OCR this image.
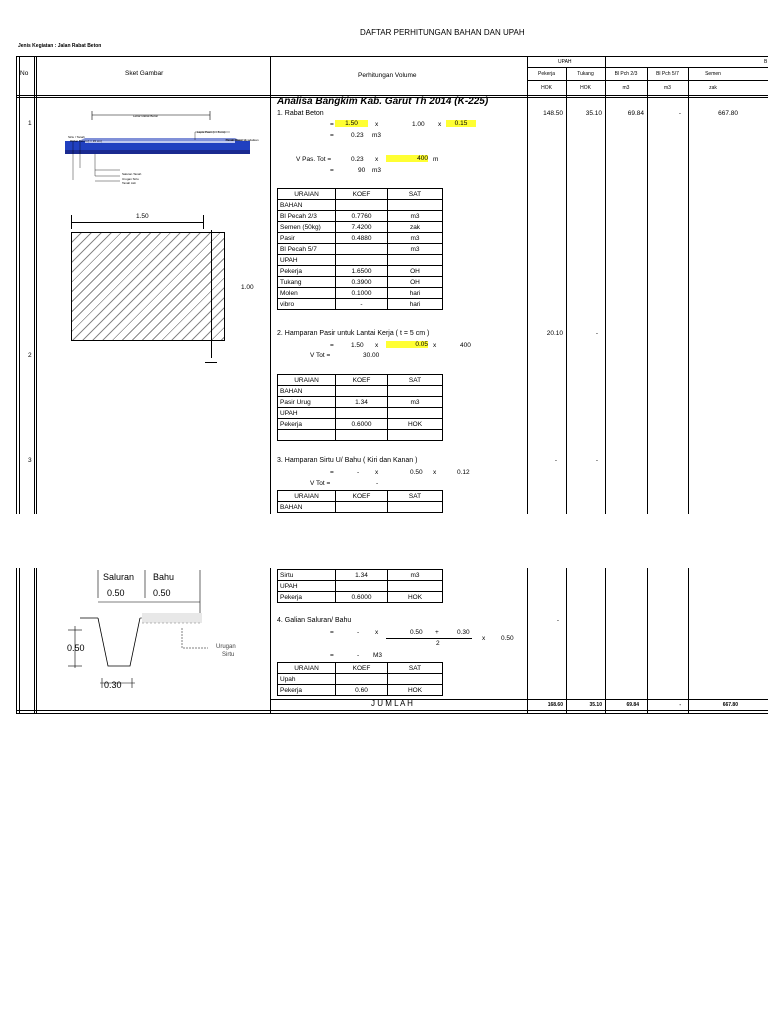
DAFTAR PERHITUNGAN BAHAN DAN UPAH
Jenis Kegiatan : Jalan Rabat Beton
No	Sket Gambar	Perhitungan Volume
UPAH	B
Pekerja	Tukang	Bl Pch 2/3	Bl Pch 5/7	Semen
HOK	HOK	m3	m3	zak
Analisa Bangkim Kab. Garut Th 2014 (K-225)
1
1. Rabat Beton
=	1.50	x	1.00 x	0.15
=	0.23 m3
V Pas. Tot =	0.23 x	400 m
=	90 m3
148.50	35.10	69.84	-	667.80
URAIAN	KOEF	SAT
BAHAN		
Bl Pecah 2/3	0.7760	m3
Semen (50kg)	7.4200	zak
Pasir	0.4880	m3
Bl Pecah 5/7		m3
UPAH		
Pekerja	1.6500	OH
Tukang	0.3900	OH
Molen	0.1000	hari
vibro	-	hari
Lebar Rabat Beton
Rabat Beton (t = 15 cm)
Lapis Pasir (t = 5 cm)
Sirtu / Tanah
Tanah Dasar dipadatkan
Saluran Tanah
Urugan Sirtu
Tanah Asli
1.50
1.00
2
2. Hamparan Pasir untuk Lantai Kerja ( t = 5 cm )
=	1.50 x	0.05 x	400
V Tot =	30.00
20.10	-
URAIAN	KOEF	SAT
BAHAN		
Pasir Urug	1.34	m3
UPAH		
Pekerja	0.6000	HOK

3	3. Hamparan Sirtu U/ Bahu ( Kiri dan Kanan )
=	- x	0.50 x	0.12
V Tot =	-
-	-
URAIAN	KOEF	SAT
BAHAN		
Sirtu	1.34	m3
UPAH		
Pekerja	0.6000	HOK
4. Galian Saluran/ Bahu
=	- x	0.50 +	0.30
2
x 0.50
=	- M3
-
URAIAN	KOEF	SAT
Upah		
Pekerja	0.60	HOK
Saluran Bahu
0.50	0.50
0.50
0.30
Urugan
Sirtu
J U M L A H	168.60	35.10	69.84	-	667.80
